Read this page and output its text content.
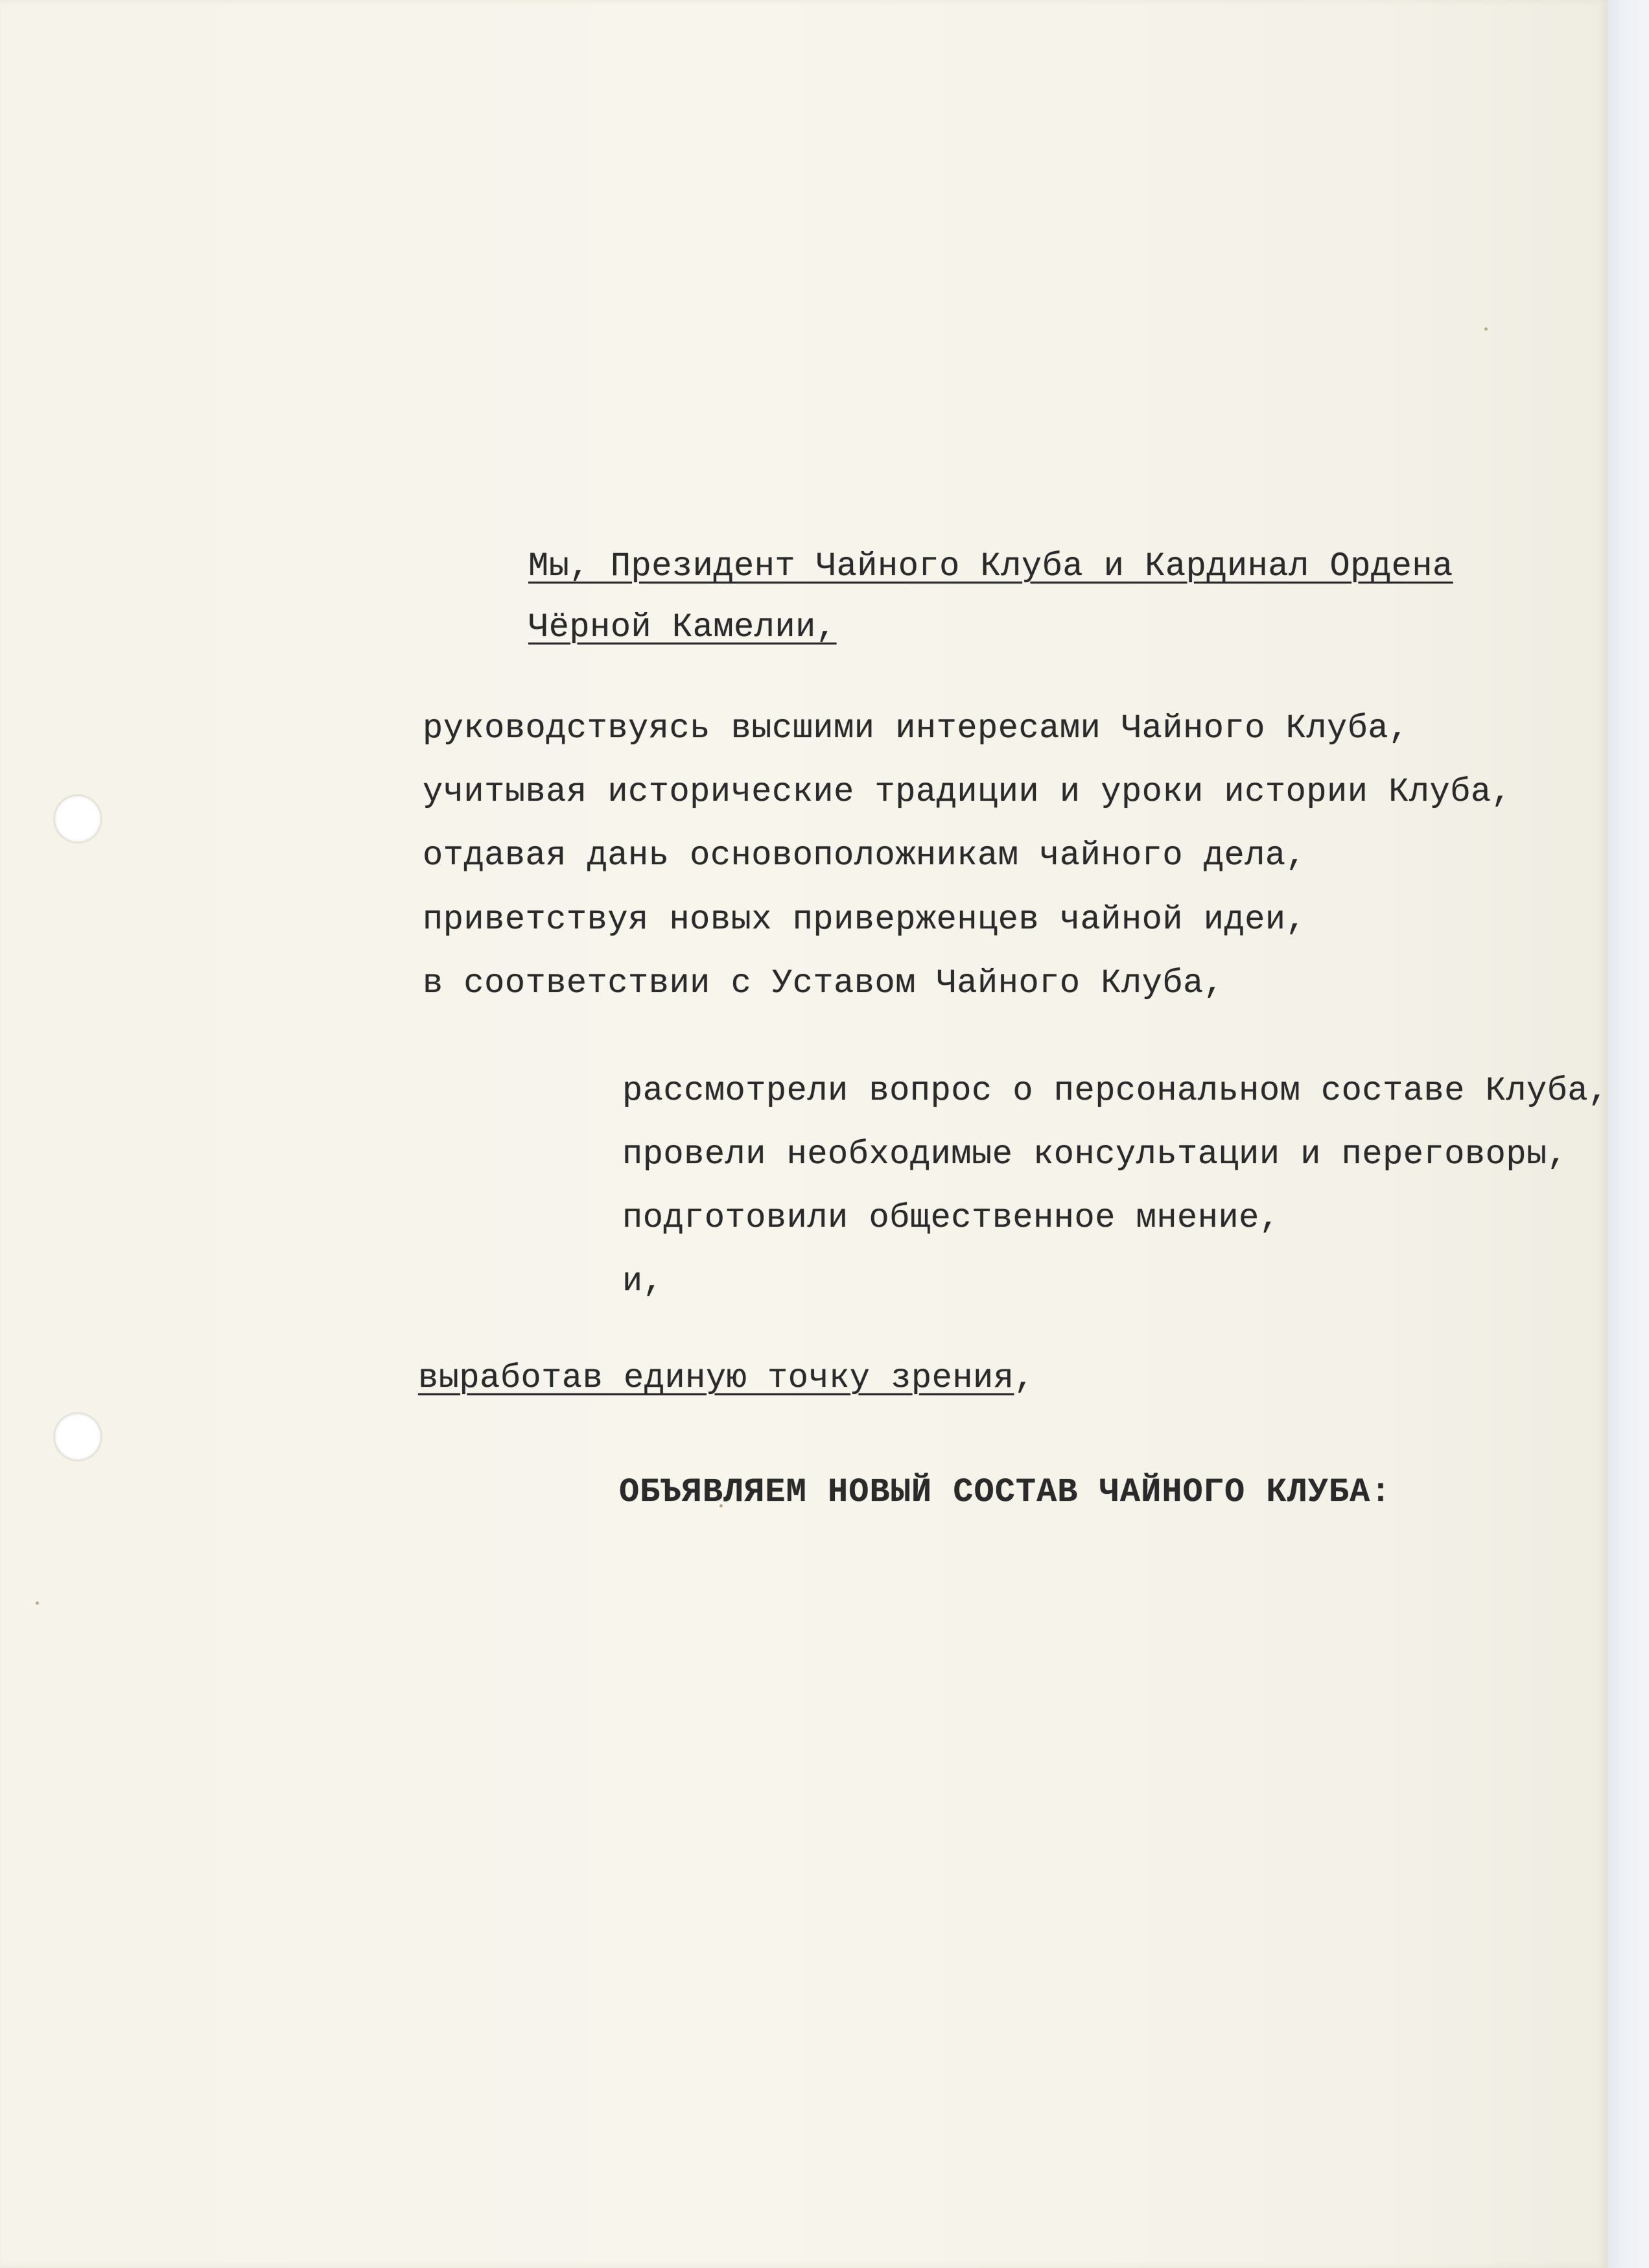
Мы, Президент Чайного Клуба и Кардинал Ордена

Чёрной Камелии,

руководствуясь высшими интересами Чайного Клуба,

учитывая исторические традиции и уроки истории Клуба,

отдавая дань основоположникам чайного дела,

приветствуя новых приверженцев чайной идеи,

в соответствии с Уставом Чайного Клуба,

рассмотрели вопрос о персональном составе Клуба,

провели необходимые консультации и переговоры,

подготовили общественное мнение,

и,

выработав единую точку зрения,

ОБЪЯВЛЯЕМ НОВЫЙ СОСТАВ ЧАЙНОГО КЛУБА:
